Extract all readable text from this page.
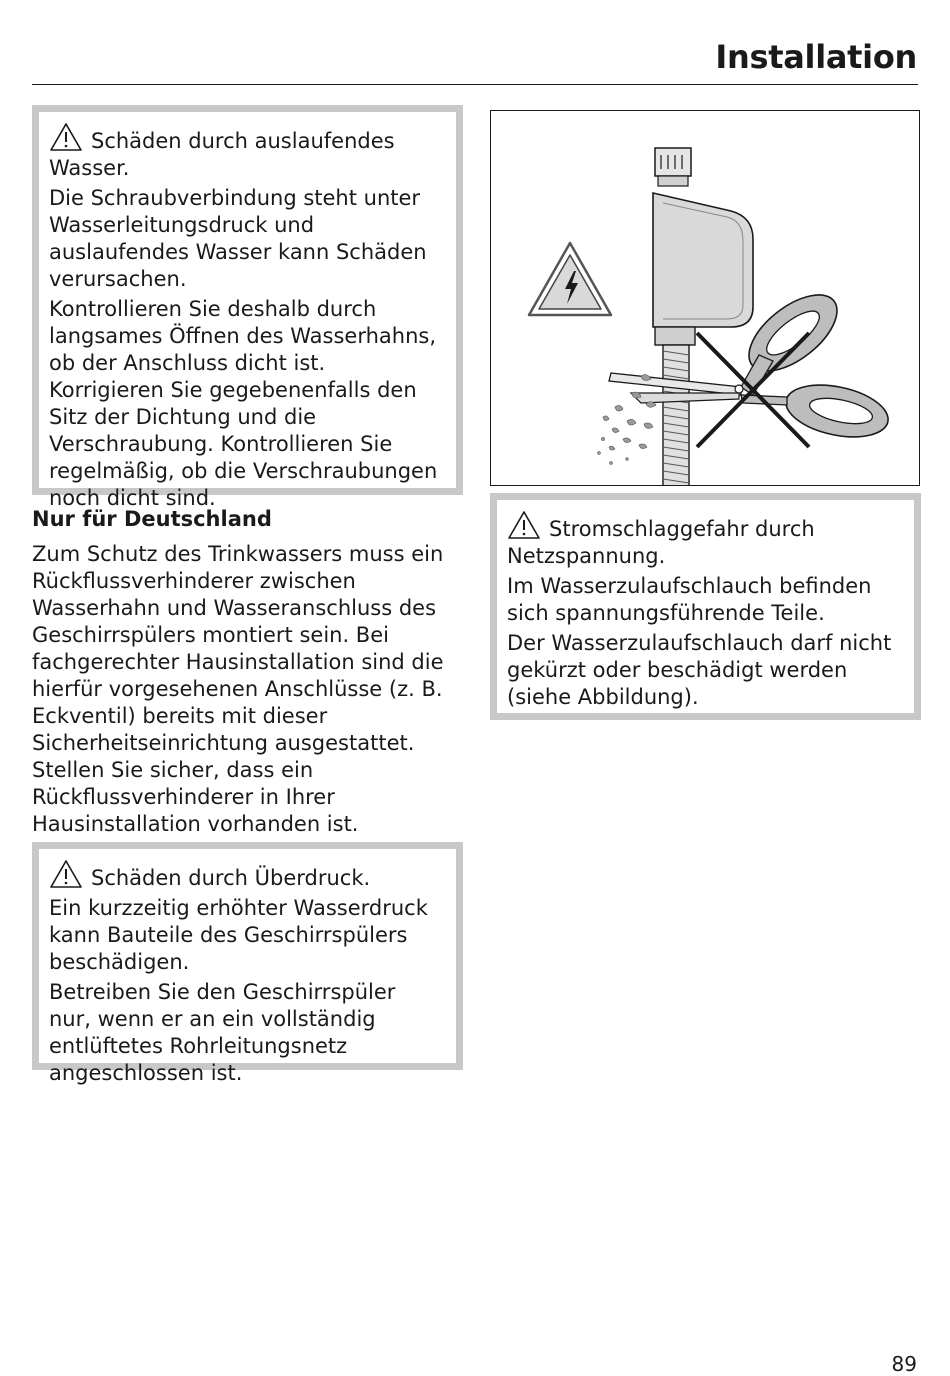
Installation

Schäden durch auslaufendes Wasser.

Die Schraubverbindung steht unter Wasserleitungsdruck und auslaufendes Wasser kann Schäden verursachen.

Kontrollieren Sie deshalb durch langsames Öffnen des Wasserhahns, ob der Anschluss dicht ist. Korrigieren Sie gegebenenfalls den Sitz der Dichtung und die Verschraubung. Kontrollieren Sie regelmäßig, ob die Verschraubungen noch dicht sind.

Nur für Deutschland

Zum Schutz des Trinkwassers muss ein Rückflussverhinderer zwischen Wasserhahn und Wasseranschluss des Geschirrspülers montiert sein. Bei fachgerechter Hausinstallation sind die hierfür vorgesehenen Anschlüsse (z. B. Eckventil) bereits mit dieser Sicherheitseinrichtung ausgestattet.

Stellen Sie sicher, dass ein Rückflussverhinderer in Ihrer Hausinstallation vorhanden ist.

Schäden durch Überdruck.

Ein kurzzeitig erhöhter Wasserdruck kann Bauteile des Geschirrspülers beschädigen.

Betreiben Sie den Geschirrspüler nur, wenn er an ein vollständig entlüftetes Rohrleitungsnetz angeschlossen ist.

Stromschlaggefahr durch Netzspannung.

Im Wasserzulaufschlauch befinden sich spannungsführende Teile.

Der Wasserzulaufschlauch darf nicht gekürzt oder beschädigt werden (siehe Abbildung).

89
